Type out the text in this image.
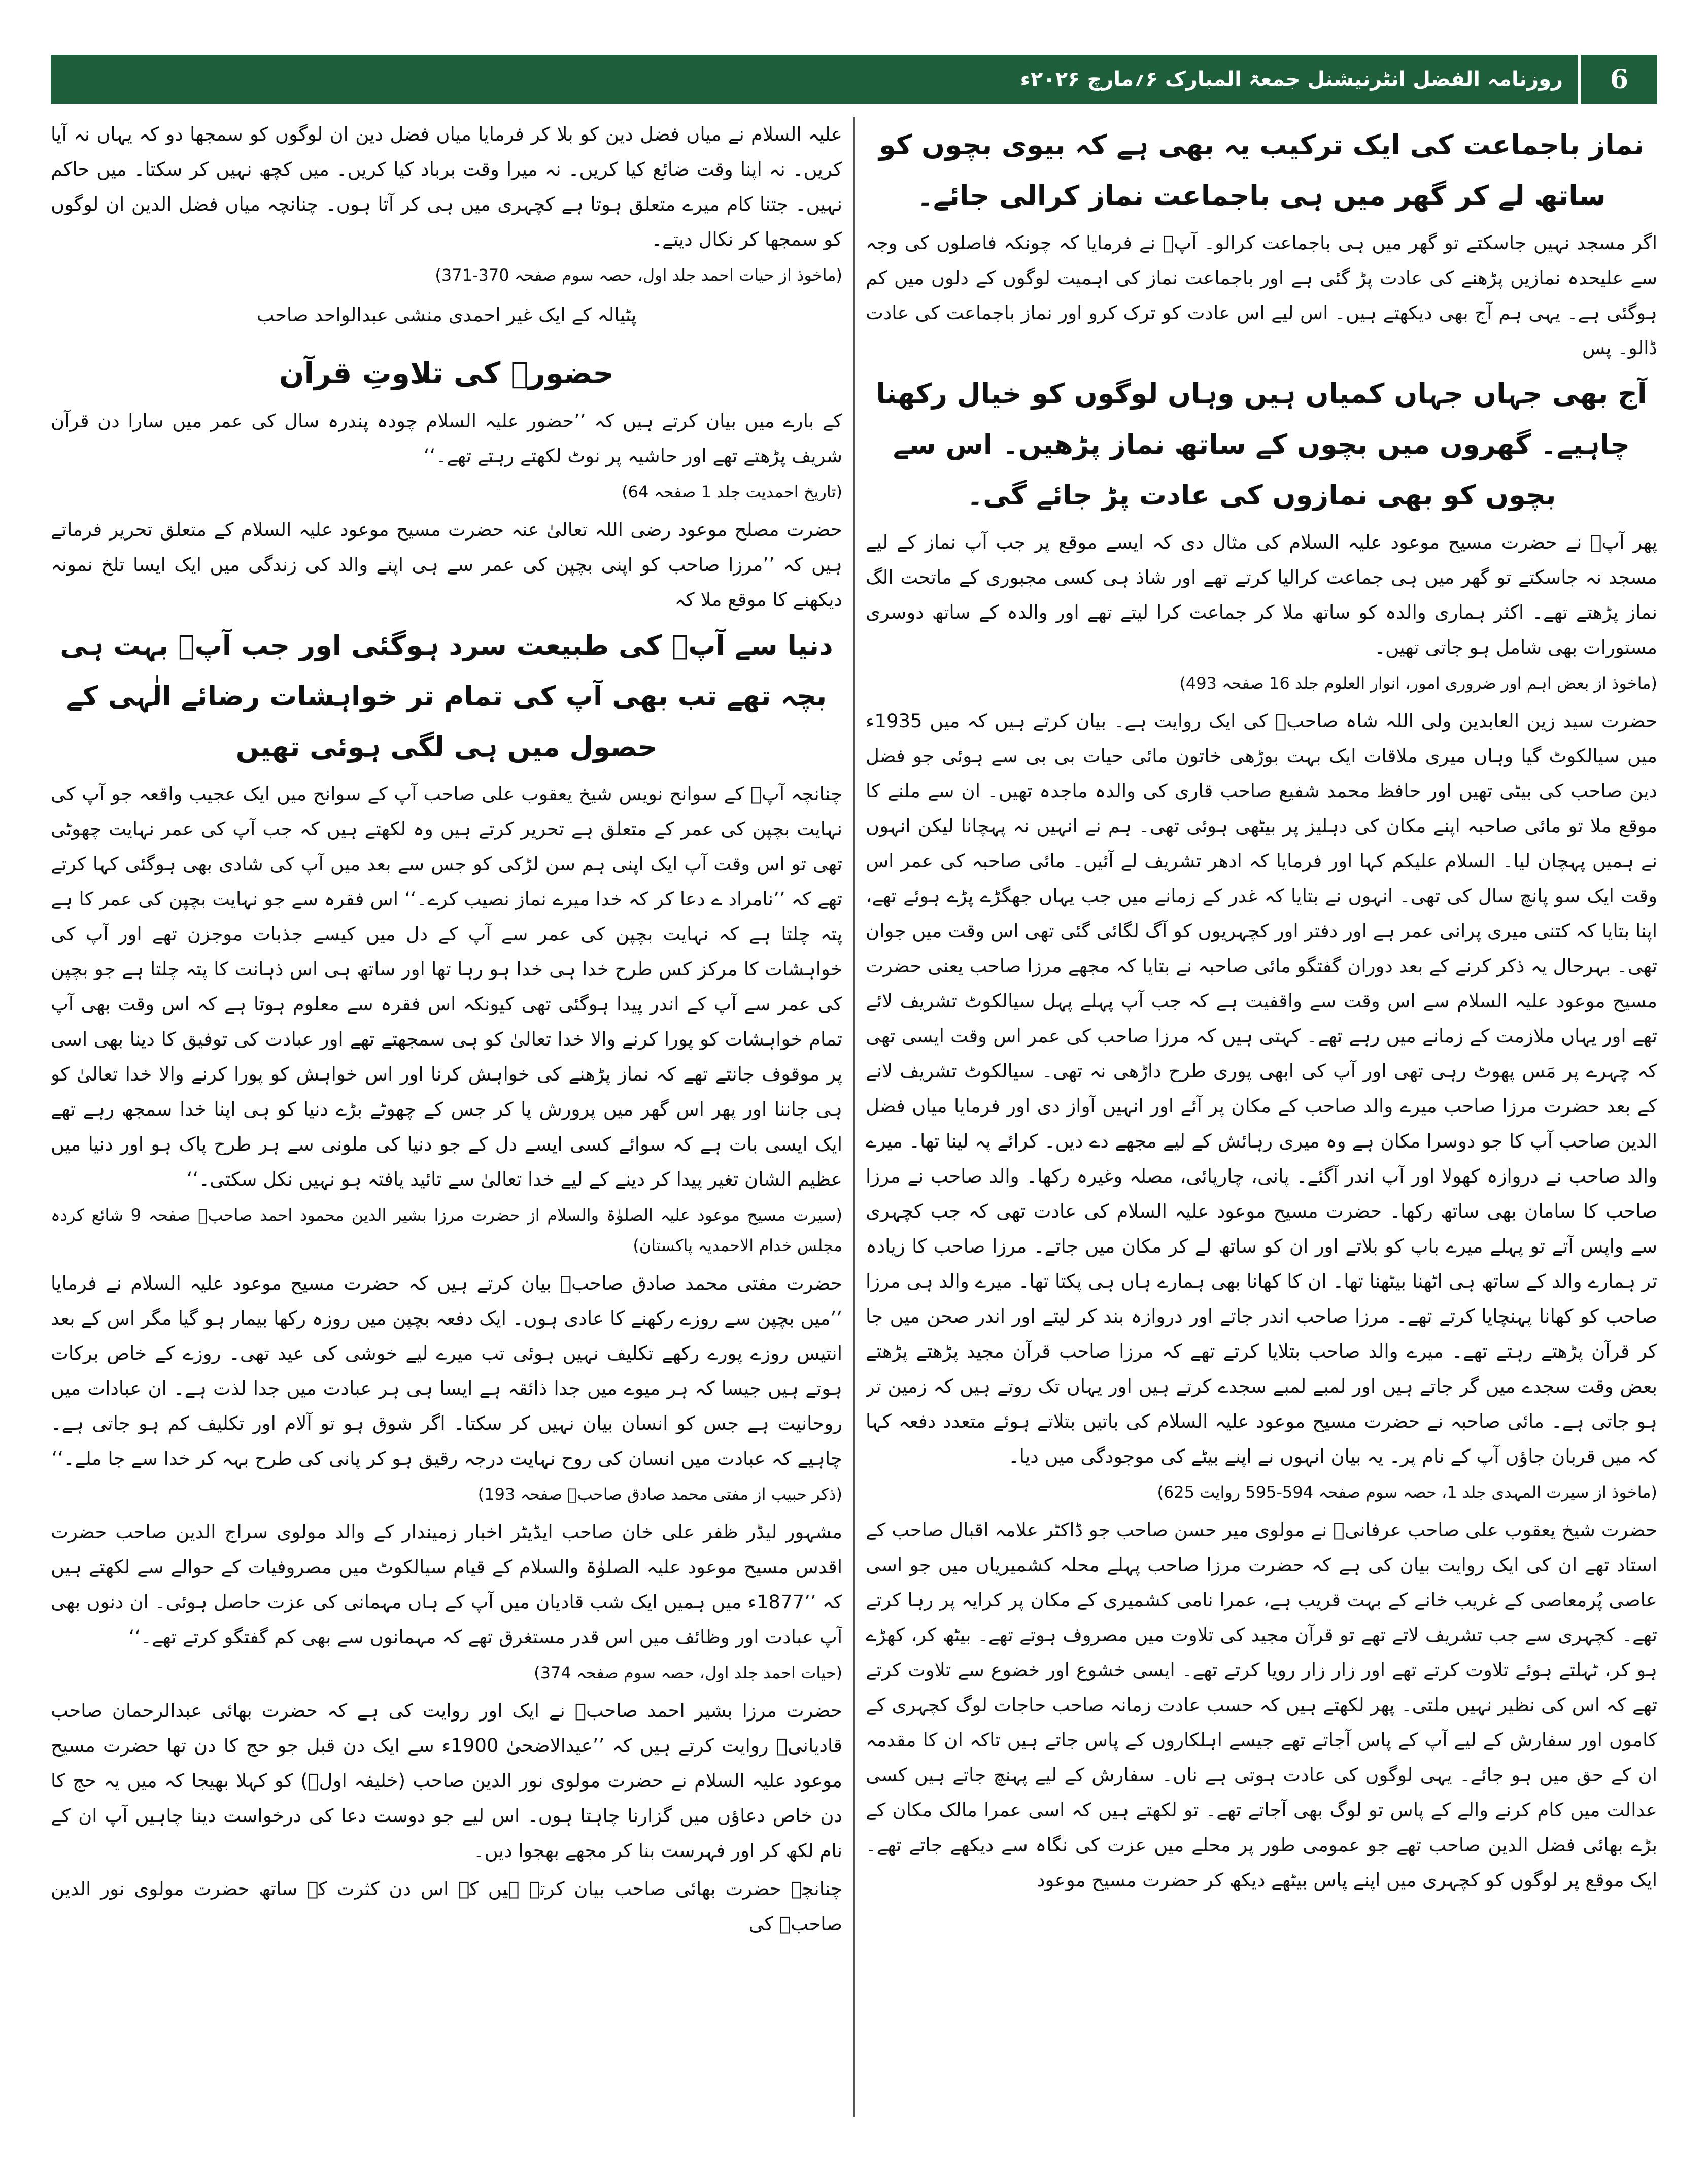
6
روزنامہ الفضل انٹرنیشنل جمعۃ المبارک ۶؍مارچ ۲۰۲۶ء
نماز باجماعت کی ایک ترکیب یہ بھی ہے کہ بیوی بچوں کو ساتھ لے کر گھر میں ہی باجماعت نماز کرالی جائے۔

اگر مسجد نہیں جاسکتے تو گھر میں ہی باجماعت کرالو۔ آپؑ نے فرمایا کہ چونکہ فاصلوں کی وجہ سے علیحدہ نمازیں پڑھنے کی عادت پڑ گئی ہے اور باجماعت نماز کی اہمیت لوگوں کے دلوں میں کم ہوگئی ہے۔ یہی ہم آج بھی دیکھتے ہیں۔ اس لیے اس عادت کو ترک کرو اور نماز باجماعت کی عادت ڈالو۔ پس

آج بھی جہاں جہاں کمیاں ہیں وہاں لوگوں کو خیال رکھنا چاہیے۔ گھروں میں بچوں کے ساتھ نماز پڑھیں۔ اس سے بچوں کو بھی نمازوں کی عادت پڑ جائے گی۔

پھر آپؓ نے حضرت مسیح موعود علیہ السلام کی مثال دی کہ ایسے موقع پر جب آپ نماز کے لیے مسجد نہ جاسکتے تو گھر میں ہی جماعت کرالیا کرتے تھے اور شاذ ہی کسی مجبوری کے ماتحت الگ نماز پڑھتے تھے۔ اکثر ہماری والدہ کو ساتھ ملا کر جماعت کرا لیتے تھے اور والدہ کے ساتھ دوسری مستورات بھی شامل ہو جاتی تھیں۔

(ماخوذ از بعض اہم اور ضروری امور، انوار العلوم جلد 16 صفحہ 493)

حضرت سید زین العابدین ولی اللہ شاہ صاحبؓ کی ایک روایت ہے۔ بیان کرتے ہیں کہ میں 1935ء میں سیالکوٹ گیا وہاں میری ملاقات ایک بہت بوڑھی خاتون مائی حیات بی بی سے ہوئی جو فضل دین صاحب کی بیٹی تھیں اور حافظ محمد شفیع صاحب قاری کی والدہ ماجدہ تھیں۔ ان سے ملنے کا موقع ملا تو مائی صاحبہ اپنے مکان کی دہلیز پر بیٹھی ہوئی تھی۔ ہم نے انہیں نہ پہچانا لیکن انہوں نے ہمیں پہچان لیا۔ السلام علیکم کہا اور فرمایا کہ ادھر تشریف لے آئیں۔ مائی صاحبہ کی عمر اس وقت ایک سو پانچ سال کی تھی۔ انہوں نے بتایا کہ غدر کے زمانے میں جب یہاں جھگڑے پڑے ہوئے تھے، اپنا بتایا کہ کتنی میری پرانی عمر ہے اور دفتر اور کچہریوں کو آگ لگائی گئی تھی اس وقت میں جوان تھی۔ بہرحال یہ ذکر کرنے کے بعد دوران گفتگو مائی صاحبہ نے بتایا کہ مجھے مرزا صاحب یعنی حضرت مسیح موعود علیہ السلام سے اس وقت سے واقفیت ہے کہ جب آپ پہلے پہل سیالکوٹ تشریف لائے تھے اور یہاں ملازمت کے زمانے میں رہے تھے۔ کہتی ہیں کہ مرزا صاحب کی عمر اس وقت ایسی تھی کہ چہرے پر مَس پھوٹ رہی تھی اور آپ کی ابھی پوری طرح داڑھی نہ تھی۔ سیالکوٹ تشریف لانے کے بعد حضرت مرزا صاحب میرے والد صاحب کے مکان پر آئے اور انہیں آواز دی اور فرمایا میاں فضل الدین صاحب آپ کا جو دوسرا مکان ہے وہ میری رہائش کے لیے مجھے دے دیں۔ کرائے پہ لینا تھا۔ میرے والد صاحب نے دروازہ کھولا اور آپ اندر آگئے۔ پانی، چارپائی، مصلہ وغیرہ رکھا۔ والد صاحب نے مرزا صاحب کا سامان بھی ساتھ رکھا۔ حضرت مسیح موعود علیہ السلام کی عادت تھی کہ جب کچہری سے واپس آتے تو پہلے میرے باپ کو بلاتے اور ان کو ساتھ لے کر مکان میں جاتے۔ مرزا صاحب کا زیادہ تر ہمارے والد کے ساتھ ہی اٹھنا بیٹھنا تھا۔ ان کا کھانا بھی ہمارے ہاں ہی پکتا تھا۔ میرے والد ہی مرزا صاحب کو کھانا پہنچایا کرتے تھے۔ مرزا صاحب اندر جاتے اور دروازہ بند کر لیتے اور اندر صحن میں جا کر قرآن پڑھتے رہتے تھے۔ میرے والد صاحب بتلایا کرتے تھے کہ مرزا صاحب قرآن مجید پڑھتے پڑھتے بعض وقت سجدے میں گر جاتے ہیں اور لمبے لمبے سجدے کرتے ہیں اور یہاں تک روتے ہیں کہ زمین تر ہو جاتی ہے۔ مائی صاحبہ نے حضرت مسیح موعود علیہ السلام کی باتیں بتلاتے ہوئے متعدد دفعہ کہا کہ میں قربان جاؤں آپ کے نام پر۔ یہ بیان انہوں نے اپنے بیٹے کی موجودگی میں دیا۔

(ماخوذ از سیرت المہدی جلد 1، حصہ سوم صفحہ 594-595 روایت 625)

حضرت شیخ یعقوب علی صاحب عرفانیؓ نے مولوی میر حسن صاحب جو ڈاکٹر علامہ اقبال صاحب کے استاد تھے ان کی ایک روایت بیان کی ہے کہ حضرت مرزا صاحب پہلے محلہ کشمیریاں میں جو اسی عاصی پُرمعاصی کے غریب خانے کے بہت قریب ہے، عمرا نامی کشمیری کے مکان پر کرایہ پر رہا کرتے تھے۔ کچہری سے جب تشریف لاتے تھے تو قرآن مجید کی تلاوت میں مصروف ہوتے تھے۔ بیٹھ کر، کھڑے ہو کر، ٹہلتے ہوئے تلاوت کرتے تھے اور زار زار رویا کرتے تھے۔ ایسی خشوع اور خضوع سے تلاوت کرتے تھے کہ اس کی نظیر نہیں ملتی۔ پھر لکھتے ہیں کہ حسب عادت زمانہ صاحب حاجات لوگ کچہری کے کاموں اور سفارش کے لیے آپ کے پاس آجاتے تھے جیسے اہلکاروں کے پاس جاتے ہیں تاکہ ان کا مقدمہ ان کے حق میں ہو جائے۔ یہی لوگوں کی عادت ہوتی ہے ناں۔ سفارش کے لیے پہنچ جاتے ہیں کسی عدالت میں کام کرنے والے کے پاس تو لوگ بھی آجاتے تھے۔ تو لکھتے ہیں کہ اسی عمرا مالک مکان کے بڑے بھائی فضل الدین صاحب تھے جو عمومی طور پر محلے میں عزت کی نگاہ سے دیکھے جاتے تھے۔ ایک موقع پر لوگوں کو کچہری میں اپنے پاس بیٹھے دیکھ کر حضرت مسیح موعود

علیہ السلام نے میاں فضل دین کو بلا کر فرمایا میاں فضل دین ان لوگوں کو سمجھا دو کہ یہاں نہ آیا کریں۔ نہ اپنا وقت ضائع کیا کریں۔ نہ میرا وقت برباد کیا کریں۔ میں کچھ نہیں کر سکتا۔ میں حاکم نہیں۔ جتنا کام میرے متعلق ہوتا ہے کچہری میں ہی کر آتا ہوں۔ چنانچہ میاں فضل الدین ان لوگوں کو سمجھا کر نکال دیتے۔

(ماخوذ از حیات احمد جلد اول، حصہ سوم صفحہ 370-371)

پٹیالہ کے ایک غیر احمدی منشی عبدالواحد صاحب

حضورؑ کی تلاوتِ قرآن

کے بارے میں بیان کرتے ہیں کہ ’’حضور علیہ السلام چودہ پندرہ سال کی عمر میں سارا دن قرآن شریف پڑھتے تھے اور حاشیہ پر نوٹ لکھتے رہتے تھے۔‘‘

(تاریخ احمدیت جلد 1 صفحہ 64)

حضرت مصلح موعود رضی اللہ تعالیٰ عنہ حضرت مسیح موعود علیہ السلام کے متعلق تحریر فرماتے ہیں کہ ’’مرزا صاحب کو اپنی بچپن کی عمر سے ہی اپنے والد کی زندگی میں ایک ایسا تلخ نمونہ دیکھنے کا موقع ملا کہ

دنیا سے آپؑ کی طبیعت سرد ہوگئی اور جب آپؑ بہت ہی بچہ تھے تب بھی آپ کی تمام تر خواہشات رضائے الٰہی کے حصول میں ہی لگی ہوئی تھیں

چنانچہ آپؑ کے سوانح نویس شیخ یعقوب علی صاحب آپ کے سوانح میں ایک عجیب واقعہ جو آپ کی نہایت بچپن کی عمر کے متعلق ہے تحریر کرتے ہیں وہ لکھتے ہیں کہ جب آپ کی عمر نہایت چھوٹی تھی تو اس وقت آپ ایک اپنی ہم سن لڑکی کو جس سے بعد میں آپ کی شادی بھی ہوگئی کہا کرتے تھے کہ ’’نامراد ے دعا کر کہ خدا میرے نماز نصیب کرے۔‘‘ اس فقرہ سے جو نہایت بچپن کی عمر کا ہے پتہ چلتا ہے کہ نہایت بچپن کی عمر سے آپ کے دل میں کیسے جذبات موجزن تھے اور آپ کی خواہشات کا مرکز کس طرح خدا ہی خدا ہو رہا تھا اور ساتھ ہی اس ذہانت کا پتہ چلتا ہے جو بچپن کی عمر سے آپ کے اندر پیدا ہوگئی تھی کیونکہ اس فقرہ سے معلوم ہوتا ہے کہ اس وقت بھی آپ تمام خواہشات کو پورا کرنے والا خدا تعالیٰ کو ہی سمجھتے تھے اور عبادت کی توفیق کا دینا بھی اسی پر موقوف جانتے تھے کہ نماز پڑھنے کی خواہش کرنا اور اس خواہش کو پورا کرنے والا خدا تعالیٰ کو ہی جاننا اور پھر اس گھر میں پرورش پا کر جس کے چھوٹے بڑے دنیا کو ہی اپنا خدا سمجھ رہے تھے ایک ایسی بات ہے کہ سوائے کسی ایسے دل کے جو دنیا کی ملونی سے ہر طرح پاک ہو اور دنیا میں عظیم الشان تغیر پیدا کر دینے کے لیے خدا تعالیٰ سے تائید یافتہ ہو نہیں نکل سکتی۔‘‘

(سیرت مسیح موعود علیہ الصلوٰۃ والسلام از حضرت مرزا بشیر الدین محمود احمد صاحبؓ صفحہ 9 شائع کردہ مجلس خدام الاحمدیہ پاکستان)

حضرت مفتی محمد صادق صاحبؓ بیان کرتے ہیں کہ حضرت مسیح موعود علیہ السلام نے فرمایا ’’میں بچپن سے روزے رکھنے کا عادی ہوں۔ ایک دفعہ بچپن میں روزہ رکھا بیمار ہو گیا مگر اس کے بعد انتیس روزے پورے رکھے تکلیف نہیں ہوئی تب میرے لیے خوشی کی عید تھی۔ روزے کے خاص برکات ہوتے ہیں جیسا کہ ہر میوے میں جدا ذائقہ ہے ایسا ہی ہر عبادت میں جدا لذت ہے۔ ان عبادات میں روحانیت ہے جس کو انسان بیان نہیں کر سکتا۔ اگر شوق ہو تو آلام اور تکلیف کم ہو جاتی ہے۔ چاہیے کہ عبادت میں انسان کی روح نہایت درجہ رقیق ہو کر پانی کی طرح بہہ کر خدا سے جا ملے۔‘‘

(ذکر حبیب از مفتی محمد صادق صاحبؓ صفحہ 193)

مشہور لیڈر ظفر علی خان صاحب ایڈیٹر اخبار زمیندار کے والد مولوی سراج الدین صاحب حضرت اقدس مسیح موعود علیہ الصلوٰۃ والسلام کے قیام سیالکوٹ میں مصروفیات کے حوالے سے لکھتے ہیں کہ ’’1877ء میں ہمیں ایک شب قادیان میں آپ کے ہاں مہمانی کی عزت حاصل ہوئی۔ ان دنوں بھی آپ عبادت اور وظائف میں اس قدر مستغرق تھے کہ مہمانوں سے بھی کم گفتگو کرتے تھے۔‘‘

(حیات احمد جلد اول، حصہ سوم صفحہ 374)

حضرت مرزا بشیر احمد صاحبؓ نے ایک اور روایت کی ہے کہ حضرت بھائی عبدالرحمان صاحب قادیانیؓ روایت کرتے ہیں کہ ’’عیدالاضحیٰ 1900ء سے ایک دن قبل جو حج کا دن تھا حضرت مسیح موعود علیہ السلام نے حضرت مولوی نور الدین صاحب (خلیفہ اولؓ) کو کہلا بھیجا کہ میں یہ حج کا دن خاص دعاؤں میں گزارنا چاہتا ہوں۔ اس لیے جو دوست دعا کی درخواست دینا چاہیں آپ ان کے نام لکھ کر اور فہرست بنا کر مجھے بھجوا دیں۔

چنانچہ حضرت بھائی صاحب بیان کرتے ہیں کہ اس دن کثرت کے ساتھ حضرت مولوی نور الدین صاحبؓ کی
